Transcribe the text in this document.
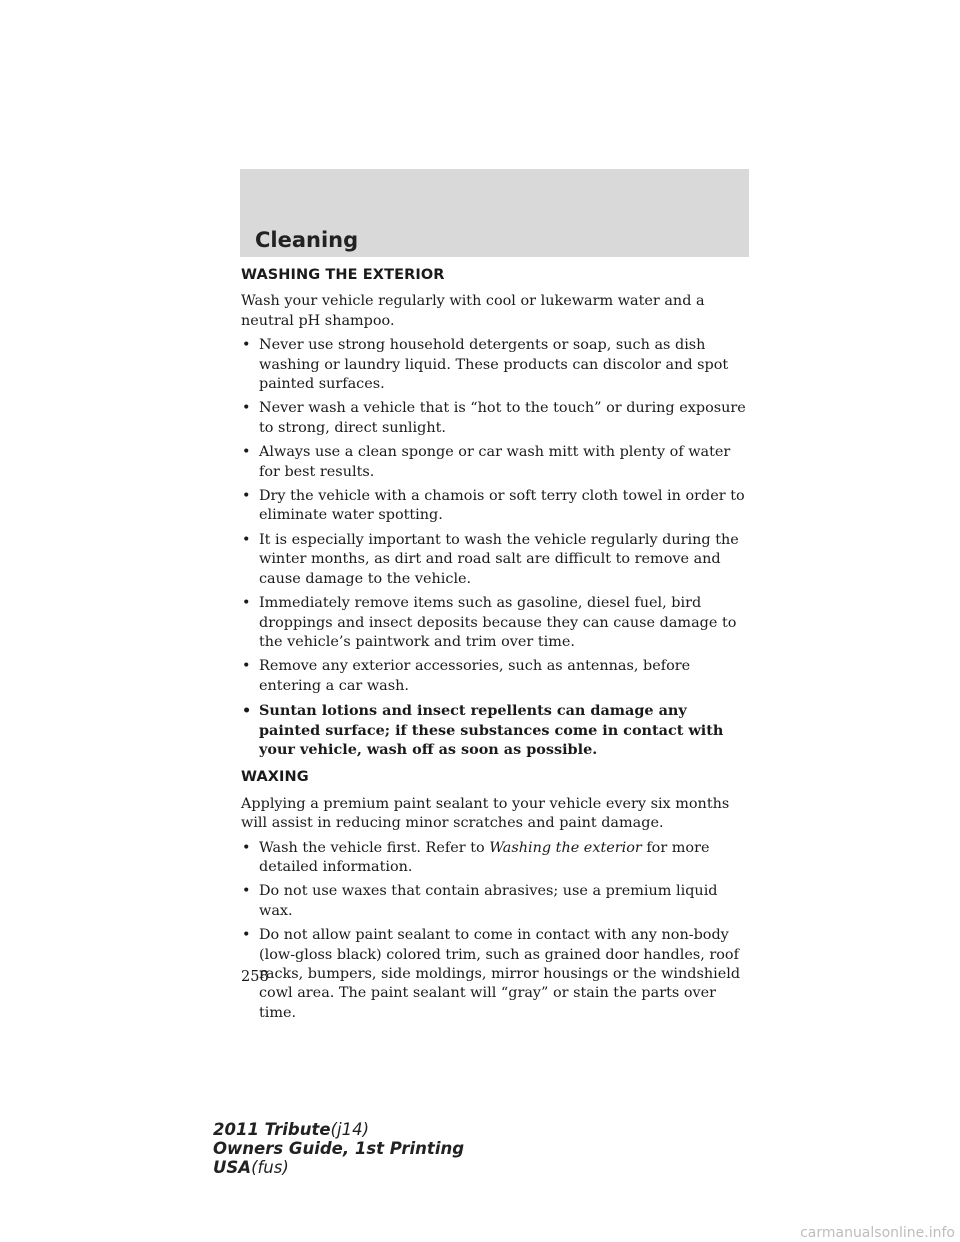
Cleaning
WASHING THE EXTERIOR

Wash your vehicle regularly with cool or lukewarm water and a neutral pH shampoo.

• Never use strong household detergents or soap, such as dish washing or laundry liquid. These products can discolor and spot painted surfaces.
• Never wash a vehicle that is “hot to the touch” or during exposure to strong, direct sunlight.
• Always use a clean sponge or car wash mitt with plenty of water for best results.
• Dry the vehicle with a chamois or soft terry cloth towel in order to eliminate water spotting.
• It is especially important to wash the vehicle regularly during the winter months, as dirt and road salt are difficult to remove and cause damage to the vehicle.
• Immediately remove items such as gasoline, diesel fuel, bird droppings and insect deposits because they can cause damage to the vehicle’s paintwork and trim over time.
• Remove any exterior accessories, such as antennas, before entering a car wash.
• Suntan lotions and insect repellents can damage any painted surface; if these substances come in contact with your vehicle, wash off as soon as possible.
WAXING

Applying a premium paint sealant to your vehicle every six months will assist in reducing minor scratches and paint damage.

• Wash the vehicle first. Refer to Washing the exterior for more detailed information.
• Do not use waxes that contain abrasives; use a premium liquid wax.
• Do not allow paint sealant to come in contact with any non-body (low-gloss black) colored trim, such as grained door handles, roof racks, bumpers, side moldings, mirror housings or the windshield cowl area. The paint sealant will “gray” or stain the parts over time.
258
2011 Tribute(j14)
Owners Guide, 1st Printing
USA(fus)
carmanualsonline.info
